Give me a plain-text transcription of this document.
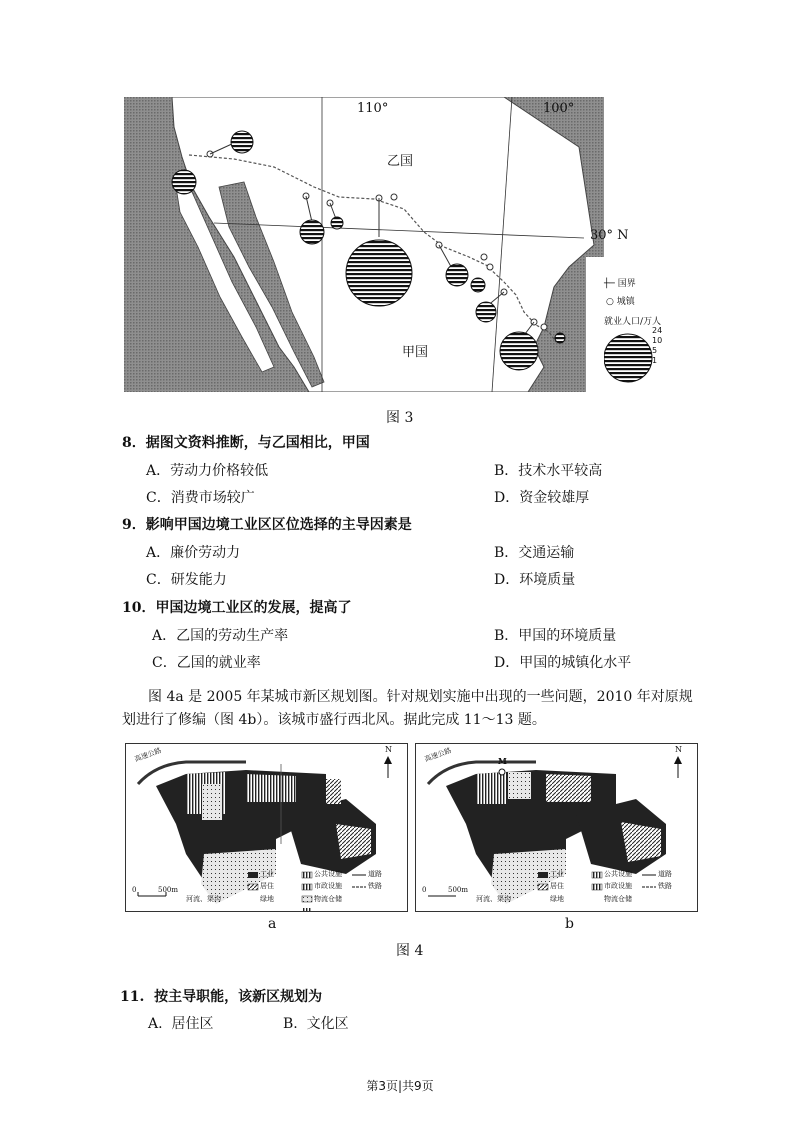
110°	100°
30° N
乙国
甲国
┼─ 国界
○ 城镇
就业人口/万人
24
10
5
1
图 3
8．据图文资料推断，与乙国相比，甲国
A．劳动力价格较低	B．技术水平较高
C．消费市场较广	D．资金较雄厚
9．影响甲国边境工业区区位选择的主导因素是
A．廉价劳动力	B．交通运输
C．研发能力	D．环境质量
10．甲国边境工业区的发展，提高了
A．乙国的劳动生产率	B．甲国的环境质量
C．乙国的就业率	D．甲国的城镇化水平
图 4a 是 2005 年某城市新区规划图。针对规划实施中出现的一些问题，2010 年对原规
划进行了修编（图 4b）。该城市盛行西北风。据此完成 11～13 题。
高速公路	N
0	500m
工业
居住
公共设施
市政设施
道路
铁路
河流、渠沟	绿地	物流仓储
高速公路	M
N
0	500m
工业
居住
公共设施
市政设施
道路
铁路
河流、渠沟	绿地	物流仓储
a	b
图 4
11.  按主导职能，该新区规划为
A.  居住区	B.  文化区
第3页|共9页
